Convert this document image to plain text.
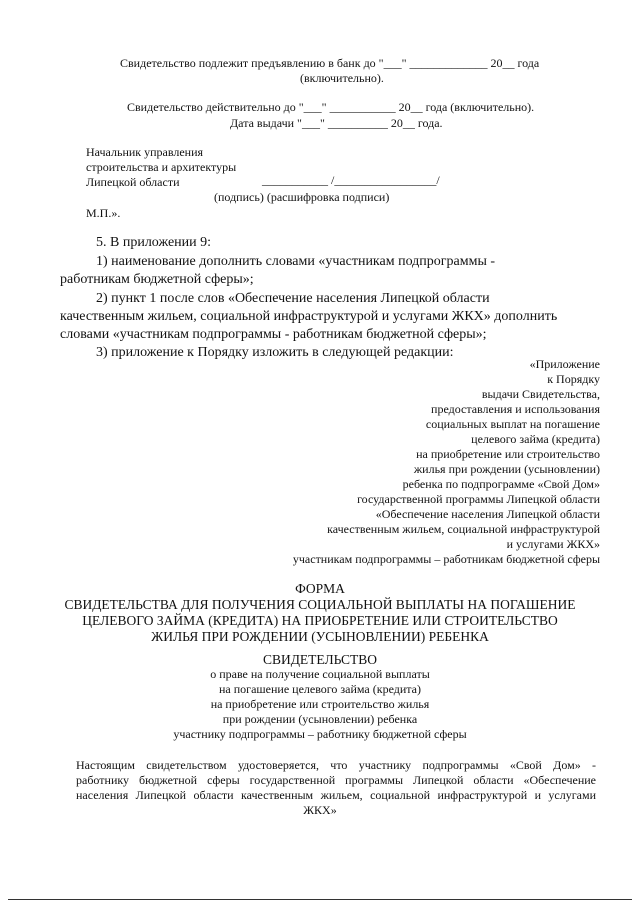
Свидетельство подлежит предъявлению в банк до "___" _____________ 20__ года
(включительно).
Свидетельство действительно до "___" ___________ 20__ года (включительно).
Дата выдачи "___" __________ 20__ года.
Начальник управления
строительства и архитектуры
Липецкой области	___________ /_________________/
(подпись) (расшифровка подписи)
М.П.».
5. В приложении 9:
1) наименование дополнить словами «участникам подпрограммы -
работникам бюджетной сферы»;
2) пункт 1 после слов «Обеспечение населения Липецкой области
качественным жильем, социальной инфраструктурой и услугами ЖКХ» дополнить
словами «участникам подпрограммы - работникам бюджетной сферы»;
3) приложение к Порядку изложить в следующей редакции:
«Приложение
к Порядку
выдачи Свидетельства,
предоставления и использования
социальных выплат на погашение
целевого займа (кредита)
на приобретение или строительство
жилья при рождении (усыновлении)
ребенка по подпрограмме «Свой Дом»
государственной программы Липецкой области
«Обеспечение населения Липецкой области
качественным жильем, социальной инфраструктурой
и услугами ЖКХ»
участникам подпрограммы – работникам бюджетной сферы
ФОРМА
СВИДЕТЕЛЬСТВА ДЛЯ ПОЛУЧЕНИЯ СОЦИАЛЬНОЙ ВЫПЛАТЫ НА ПОГАШЕНИЕ
ЦЕЛЕВОГО ЗАЙМА (КРЕДИТА) НА ПРИОБРЕТЕНИЕ ИЛИ СТРОИТЕЛЬСТВО
ЖИЛЬЯ ПРИ РОЖДЕНИИ (УСЫНОВЛЕНИИ) РЕБЕНКА
СВИДЕТЕЛЬСТВО
о праве на получение социальной выплаты
на погашение целевого займа (кредита)
на приобретение или строительство жилья
при рождении (усыновлении) ребенка
участнику подпрограммы – работнику бюджетной сферы
Настоящим свидетельством удостоверяется, что участнику подпрограммы «Свой Дом» -
работнику бюджетной сферы государственной программы Липецкой области «Обеспечение
населения Липецкой области качественным жильем, социальной инфраструктурой и услугами
ЖКХ»
